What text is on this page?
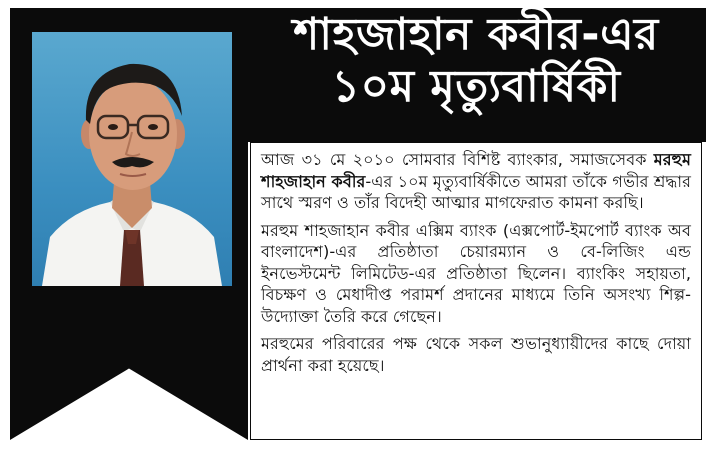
শাহজাহান কবীর-এর
১০ম মৃত্যুবার্ষিকী

আজ ৩১ মে ২০১০ সোমবার বিশিষ্ট ব্যাংকার, সমাজসেবক মরহুম শাহজাহান কবীর-এর ১০ম মৃত্যুবার্ষিকীতে আমরা তাঁকে গভীর শ্রদ্ধার সাথে স্মরণ ও তাঁর বিদেহী আত্মার মাগফেরাত কামনা করছি।

মরহুম শাহজাহান কবীর এক্সিম ব্যাংক (এক্সপোর্ট-ইমপোর্ট ব্যাংক অব বাংলাদেশ)-এর প্রতিষ্ঠাতা চেয়ারম্যান ও বে-লিজিং এন্ড ইনভেস্টমেন্ট লিমিটেড-এর প্রতিষ্ঠাতা ছিলেন। ব্যাংকিং সহায়তা, বিচক্ষণ ও মেধাদীপ্ত পরামর্শ প্রদানের মাধ্যমে তিনি অসংখ্য শিল্প-উদ্যোক্তা তৈরি করে গেছেন।

মরহুমের পরিবারের পক্ষ থেকে সকল শুভানুধ্যায়ীদের কাছে দোয়া প্রার্থনা করা হয়েছে।
